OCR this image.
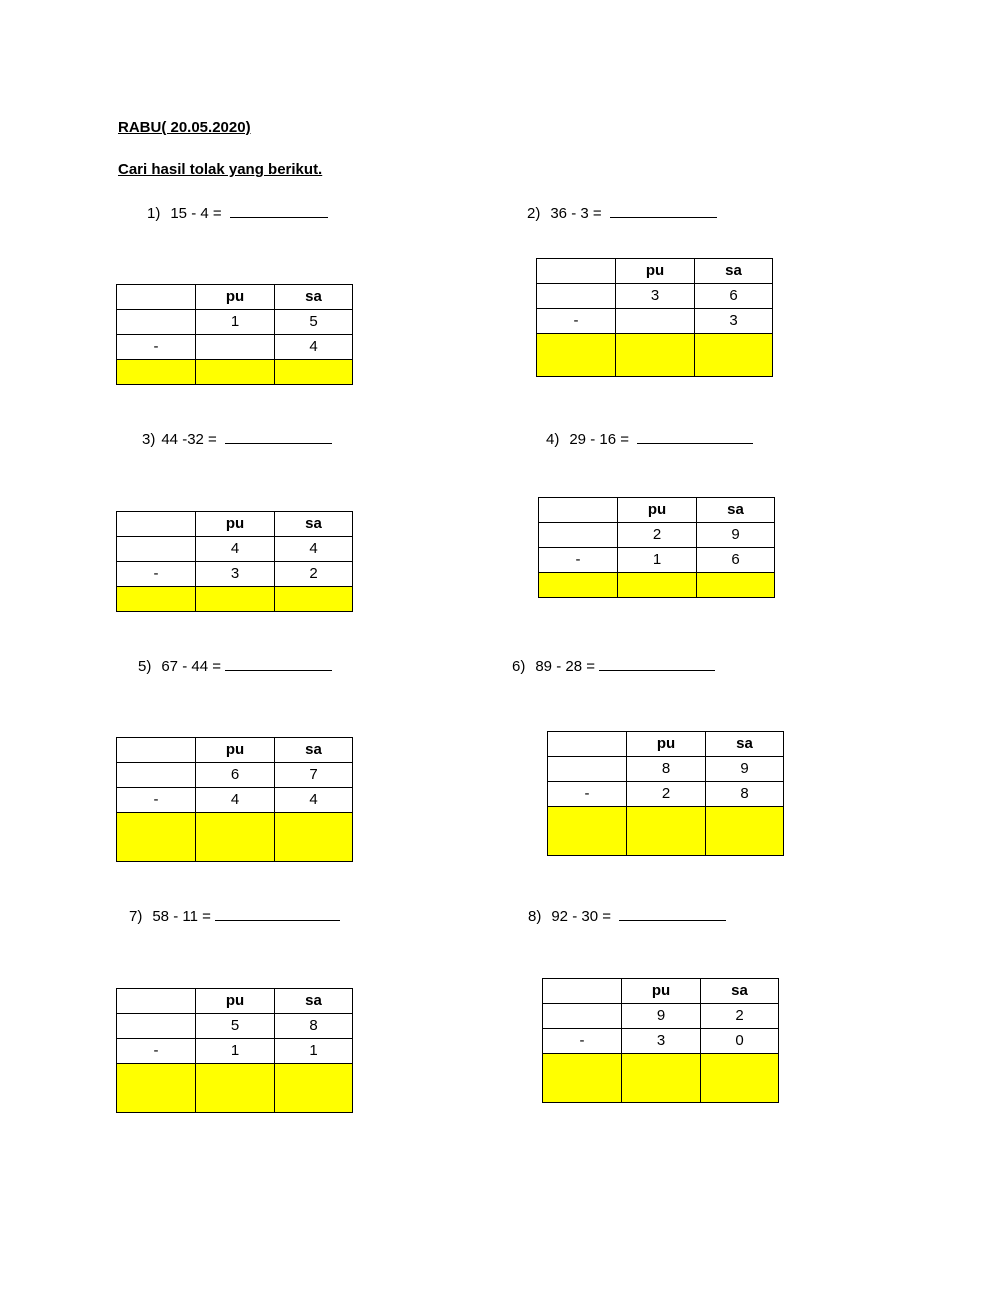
RABU( 20.05.2020)
Cari hasil tolak yang berikut.
1) 15 - 4 =
	pu	sa
	1	5
-		4

2) 36 - 3 =
	pu	sa
	3	6
-		3

3) 44 -32 =
	pu	sa
	4	4
-	3	2

4) 29 - 16 =
	pu	sa
	2	9
-	1	6

5) 67 - 44 =
	pu	sa
	6	7
-	4	4

6) 89 - 28 =
	pu	sa
	8	9
-	2	8

7) 58 - 11 =
	pu	sa
	5	8
-	1	1

8) 92 - 30 =
	pu	sa
	9	2
-	3	0
